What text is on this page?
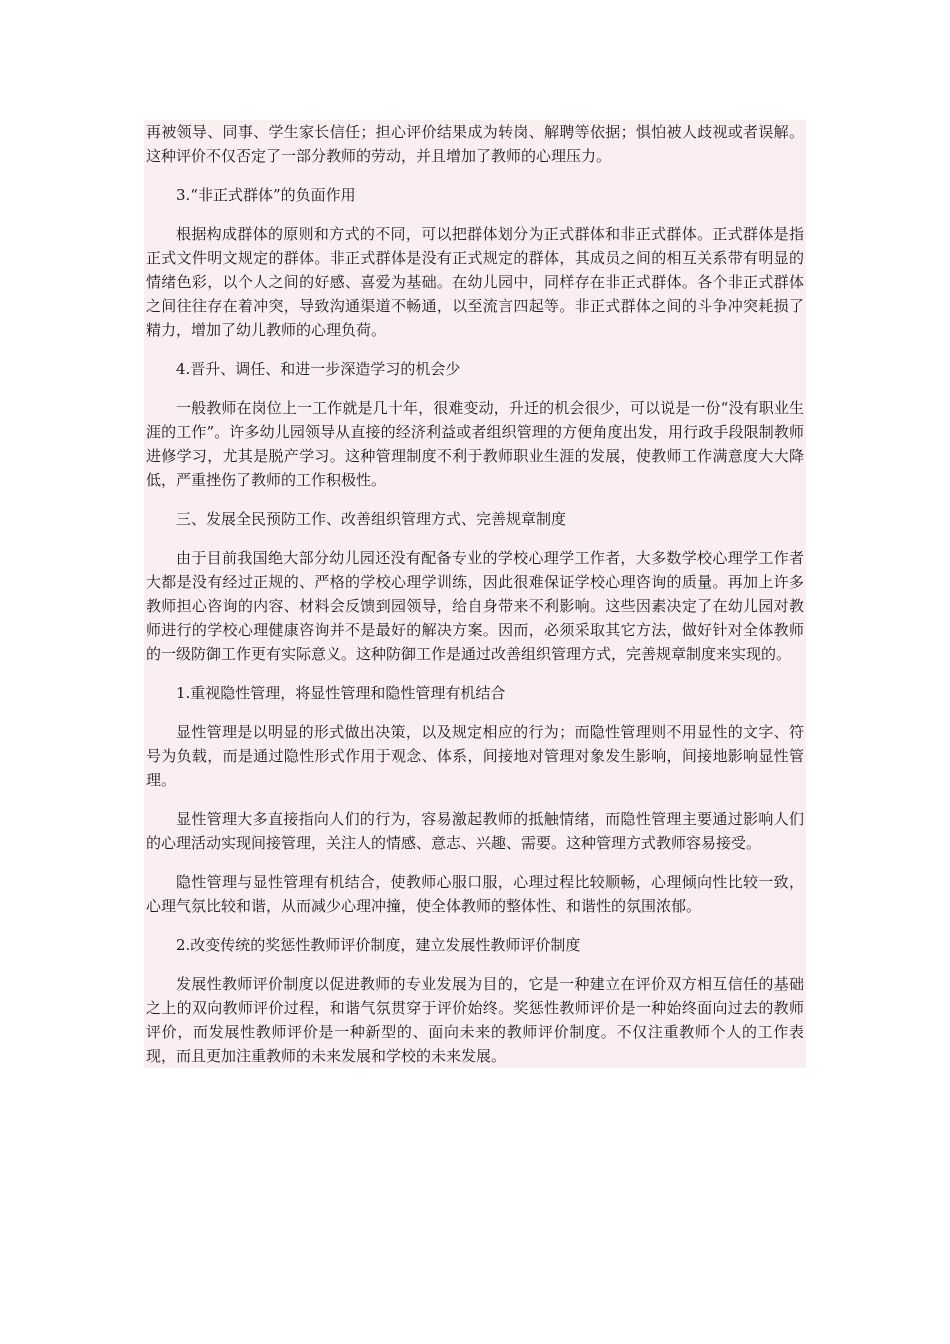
再被领导、同事、学生家长信任；担心评价结果成为转岗、解聘等依据；惧怕被人歧视或者误解。这种评价不仅否定了一部分教师的劳动，并且增加了教师的心理压力。

3.“非正式群体”的负面作用

根据构成群体的原则和方式的不同，可以把群体划分为正式群体和非正式群体。正式群体是指正式文件明文规定的群体。非正式群体是没有正式规定的群体，其成员之间的相互关系带有明显的情绪色彩，以个人之间的好感、喜爱为基础。在幼儿园中，同样存在非正式群体。各个非正式群体之间往往存在着冲突，导致沟通渠道不畅通，以至流言四起等。非正式群体之间的斗争冲突耗损了精力，增加了幼儿教师的心理负荷。

4.晋升、调任、和进一步深造学习的机会少

一般教师在岗位上一工作就是几十年，很难变动，升迁的机会很少，可以说是一份“没有职业生涯的工作”。许多幼儿园领导从直接的经济利益或者组织管理的方便角度出发，用行政手段限制教师进修学习，尤其是脱产学习。这种管理制度不利于教师职业生涯的发展，使教师工作满意度大大降低，严重挫伤了教师的工作积极性。

三、发展全民预防工作、改善组织管理方式、完善规章制度

由于目前我国绝大部分幼儿园还没有配备专业的学校心理学工作者，大多数学校心理学工作者大都是没有经过正规的、严格的学校心理学训练，因此很难保证学校心理咨询的质量。再加上许多教师担心咨询的内容、材料会反馈到园领导，给自身带来不利影响。这些因素决定了在幼儿园对教师进行的学校心理健康咨询并不是最好的解决方案。因而，必须采取其它方法，做好针对全体教师的一级防御工作更有实际意义。这种防御工作是通过改善组织管理方式，完善规章制度来实现的。

1.重视隐性管理，将显性管理和隐性管理有机结合

显性管理是以明显的形式做出决策，以及规定相应的行为；而隐性管理则不用显性的文字、符号为负载，而是通过隐性形式作用于观念、体系，间接地对管理对象发生影响，间接地影响显性管理。

显性管理大多直接指向人们的行为，容易激起教师的抵触情绪，而隐性管理主要通过影响人们的心理活动实现间接管理，关注人的情感、意志、兴趣、需要。这种管理方式教师容易接受。

隐性管理与显性管理有机结合，使教师心服口服，心理过程比较顺畅，心理倾向性比较一致，心理气氛比较和谐，从而减少心理冲撞，使全体教师的整体性、和谐性的氛围浓郁。

2.改变传统的奖惩性教师评价制度，建立发展性教师评价制度

发展性教师评价制度以促进教师的专业发展为目的，它是一种建立在评价双方相互信任的基础之上的双向教师评价过程，和谐气氛贯穿于评价始终。奖惩性教师评价是一种始终面向过去的教师评价，而发展性教师评价是一种新型的、面向未来的教师评价制度。不仅注重教师个人的工作表现，而且更加注重教师的未来发展和学校的未来发展。
